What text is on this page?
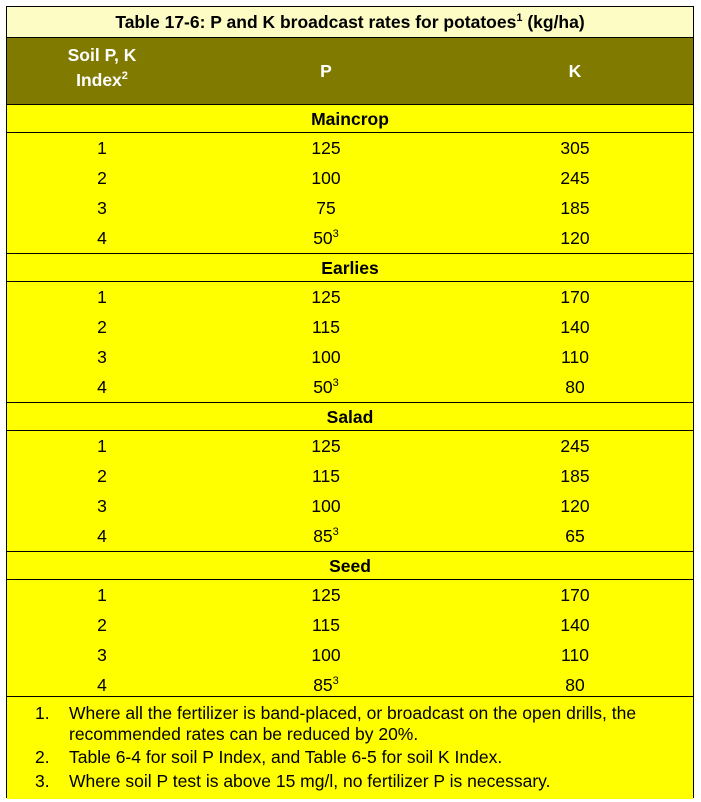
Table 17-6: P and K broadcast rates for potatoes$^1$ (kg/ha)
Soil P, K
Index$^2$	P	K
Maincrop
1	125	305
2	100	245
3	75	185
4	$50^3$	120
Earlies
1	125	170
2	115	140
3	100	110
4	$50^3$	80
Salad
1	125	245
2	115	185
3	100	120
4	$85^3$	65
Seed
1	125	170
2	115	140
3	100	110
4	$85^3$	80
1. Where all the fertilizer is band-placed, or broadcast on the open drills, the recommended rates can be reduced by 20%.
2. Table 6-4 for soil P Index, and Table 6-5 for soil K Index.
3. Where soil P test is above 15 mg/l, no fertilizer P is necessary.
